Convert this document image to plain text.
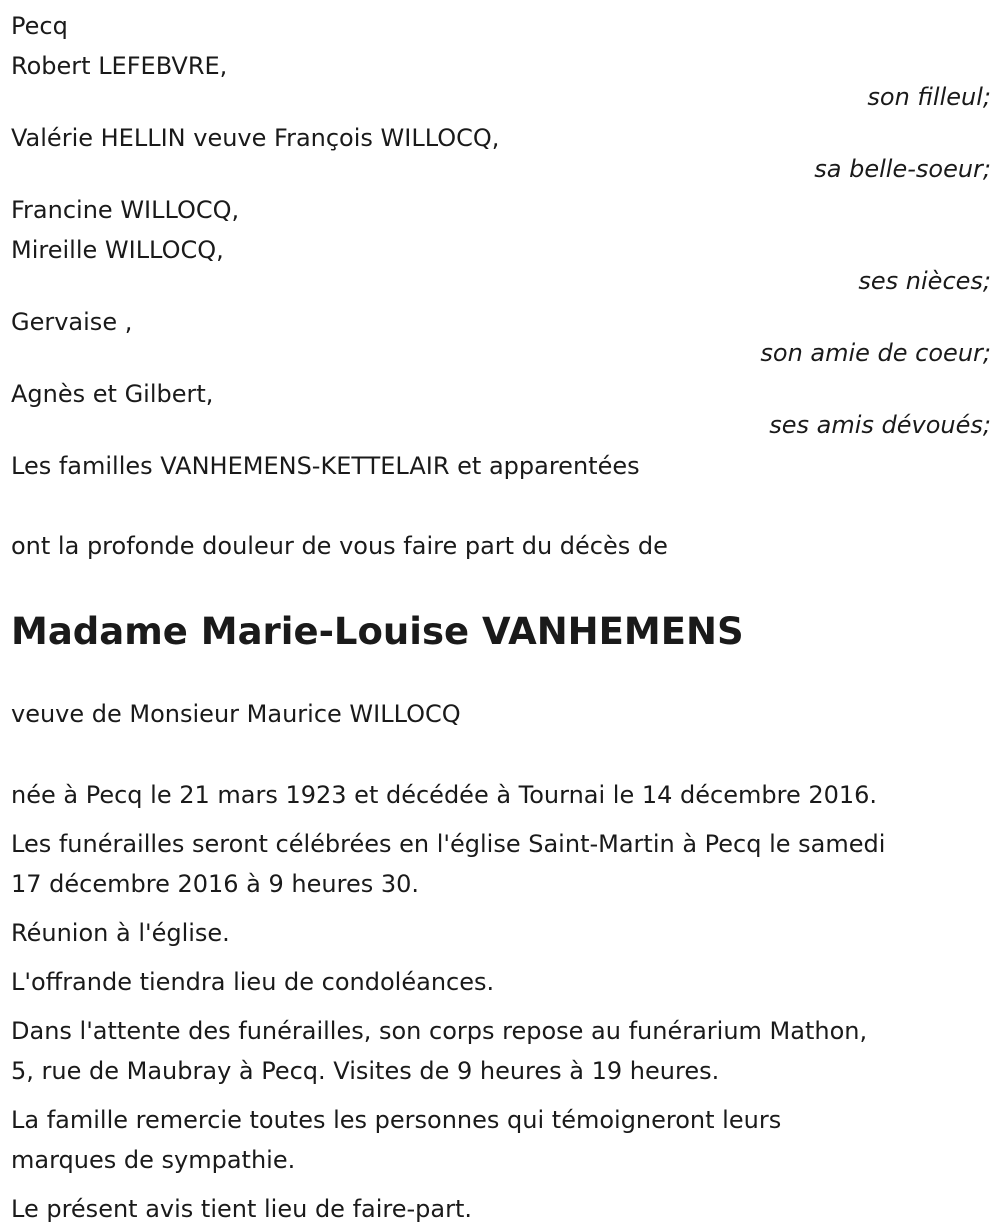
Pecq
Robert LEFEBVRE,
son filleul;
Valérie HELLIN veuve François WILLOCQ,
sa belle-soeur;
Francine WILLOCQ,
Mireille WILLOCQ,
ses nièces;
Gervaise ,
son amie de coeur;
Agnès et Gilbert,
ses amis dévoués;
Les familles VANHEMENS-KETTELAIR et apparentées
ont la profonde douleur de vous faire part du décès de
Madame Marie-Louise VANHEMENS
veuve de Monsieur Maurice WILLOCQ
née à Pecq le 21 mars 1923 et décédée à Tournai le 14 décembre 2016.
Les funérailles seront célébrées en l'église Saint-Martin à Pecq le samedi
17 décembre 2016 à 9 heures 30.
Réunion à l'église.
L'offrande tiendra lieu de condoléances.
Dans l'attente des funérailles, son corps repose au funérarium Mathon,
5, rue de Maubray à Pecq. Visites de 9 heures à 19 heures.
La famille remercie toutes les personnes qui témoigneront leurs
marques de sympathie.
Le présent avis tient lieu de faire-part.
